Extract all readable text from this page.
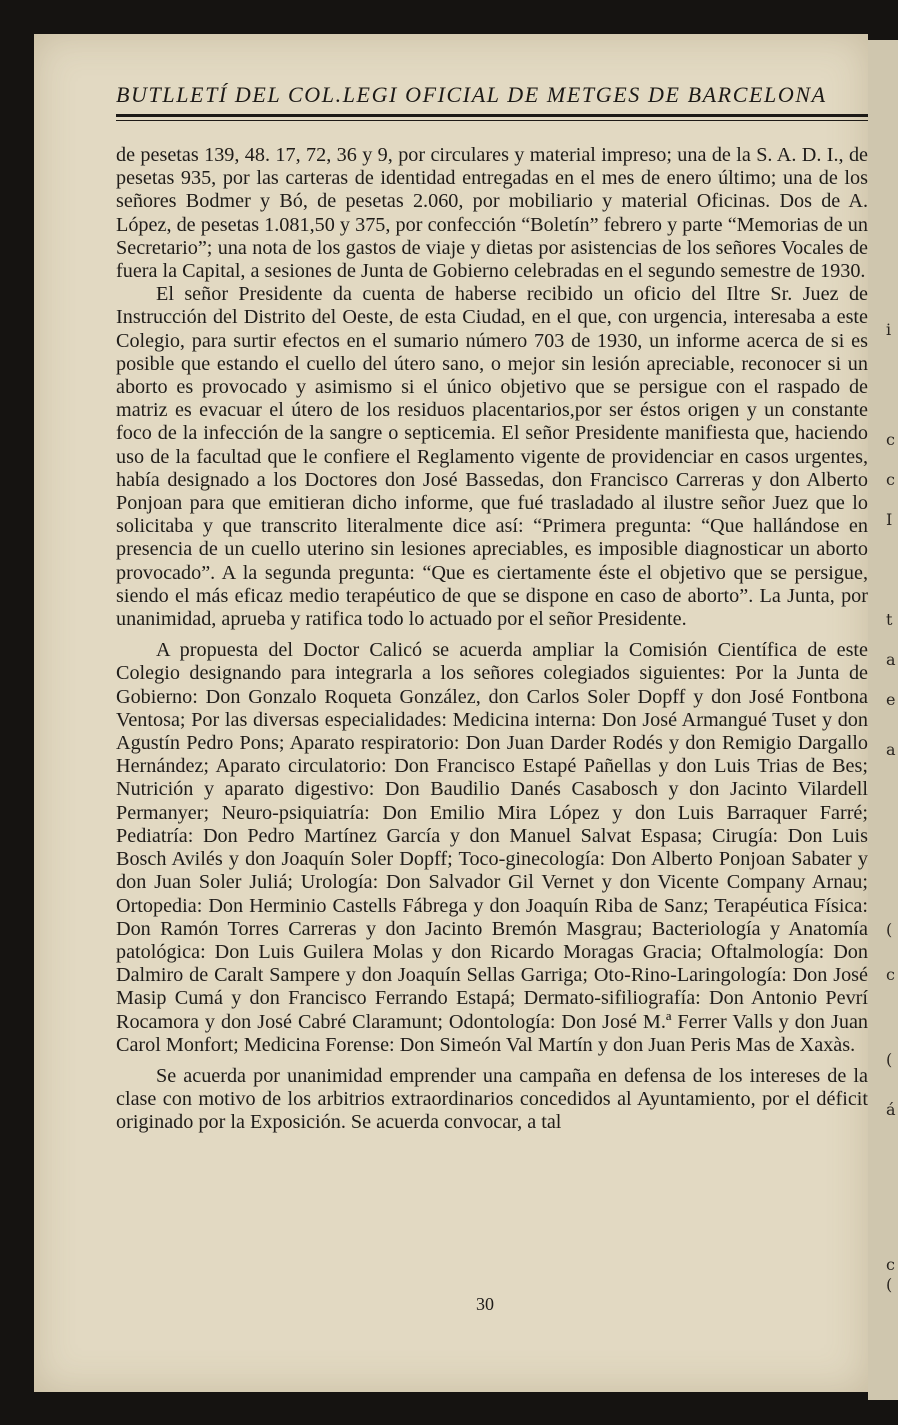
BUTLLETÍ DEL COL.LEGI OFICIAL DE METGES DE BARCELONA

de pesetas 139, 48. 17, 72, 36 y 9, por circulares y material impreso; una de la S. A. D. I., de pesetas 935, por las carteras de identidad entregadas en el mes de enero último; una de los señores Bodmer y Bó, de pesetas 2.060, por mobiliario y material Oficinas. Dos de A. López, de pesetas 1.081,50 y 375, por confección “Boletín” febrero y parte “Memorias de un Secretario”; una nota de los gastos de viaje y dietas por asistencias de los señores Vocales de fuera la Capital, a sesiones de Junta de Gobierno celebradas en el segundo semestre de 1930.

El señor Presidente da cuenta de haberse recibido un oficio del Iltre Sr. Juez de Instrucción del Distrito del Oeste, de esta Ciudad, en el que, con urgencia, interesaba a este Colegio, para surtir efectos en el sumario número 703 de 1930, un informe acerca de si es posible que estando el cuello del útero sano, o mejor sin lesión apreciable, reconocer si un aborto es provocado y asimismo si el único objetivo que se persigue con el raspado de matriz es evacuar el útero de los residuos placentarios,por ser éstos origen y un constante foco de la infección de la sangre o septicemia. El señor Presidente manifiesta que, haciendo uso de la facultad que le confiere el Reglamento vigente de providenciar en casos urgentes, había designado a los Doctores don José Bassedas, don Francisco Carreras y don Alberto Ponjoan para que emitieran dicho informe, que fué trasladado al ilustre señor Juez que lo solicitaba y que transcrito literalmente dice así: “Primera pregunta: “Que hallándose en presencia de un cuello uterino sin lesiones apreciables, es imposible diagnosticar un aborto provocado”. A la segunda pregunta: “Que es ciertamente éste el objetivo que se persigue, siendo el más eficaz medio terapéutico de que se dispone en caso de aborto”. La Junta, por unanimidad, aprueba y ratifica todo lo actuado por el señor Presidente.

A propuesta del Doctor Calicó se acuerda ampliar la Comisión Científica de este Colegio designando para integrarla a los señores colegiados siguientes: Por la Junta de Gobierno: Don Gonzalo Roqueta González, don Carlos Soler Dopff y don José Fontbona Ventosa; Por las diversas especialidades: Medicina interna: Don José Armangué Tuset y don Agustín Pedro Pons; Aparato respiratorio: Don Juan Darder Rodés y don Remigio Dargallo Hernández; Aparato circulatorio: Don Francisco Estapé Pañellas y don Luis Trias de Bes; Nutrición y aparato digestivo: Don Baudilio Danés Casabosch y don Jacinto Vilardell Permanyer; Neuro-psiquiatría: Don Emilio Mira López y don Luis Barraquer Farré; Pediatría: Don Pedro Martínez García y don Manuel Salvat Espasa; Cirugía: Don Luis Bosch Avilés y don Joaquín Soler Dopff; Toco-ginecología: Don Alberto Ponjoan Sabater y don Juan Soler Juliá; Urología: Don Salvador Gil Vernet y don Vicente Company Arnau; Ortopedia: Don Herminio Castells Fábrega y don Joaquín Riba de Sanz; Terapéutica Física: Don Ramón Torres Carreras y don Jacinto Bremón Masgrau; Bacteriología y Anatomía patológica: Don Luis Guilera Molas y don Ricardo Moragas Gracia; Oftalmología: Don Dalmiro de Caralt Sampere y don Joaquín Sellas Garriga; Oto-Rino-Laringología: Don José Masip Cumá y don Francisco Ferrando Estapá; Dermato-sifiliografía: Don Antonio Pevrí Rocamora y don José Cabré Claramunt; Odontología: Don José M.ª Ferrer Valls y don Juan Carol Monfort; Medicina Forense: Don Simeón Val Martín y don Juan Peris Mas de Xaxàs.

Se acuerda por unanimidad emprender una campaña en defensa de los intereses de la clase con motivo de los arbitrios extraordinarios concedidos al Ayuntamiento, por el déficit originado por la Exposición. Se acuerda convocar, a tal

30
i
c
c
I
t
a
e
a
(
c
(
á
c
(
